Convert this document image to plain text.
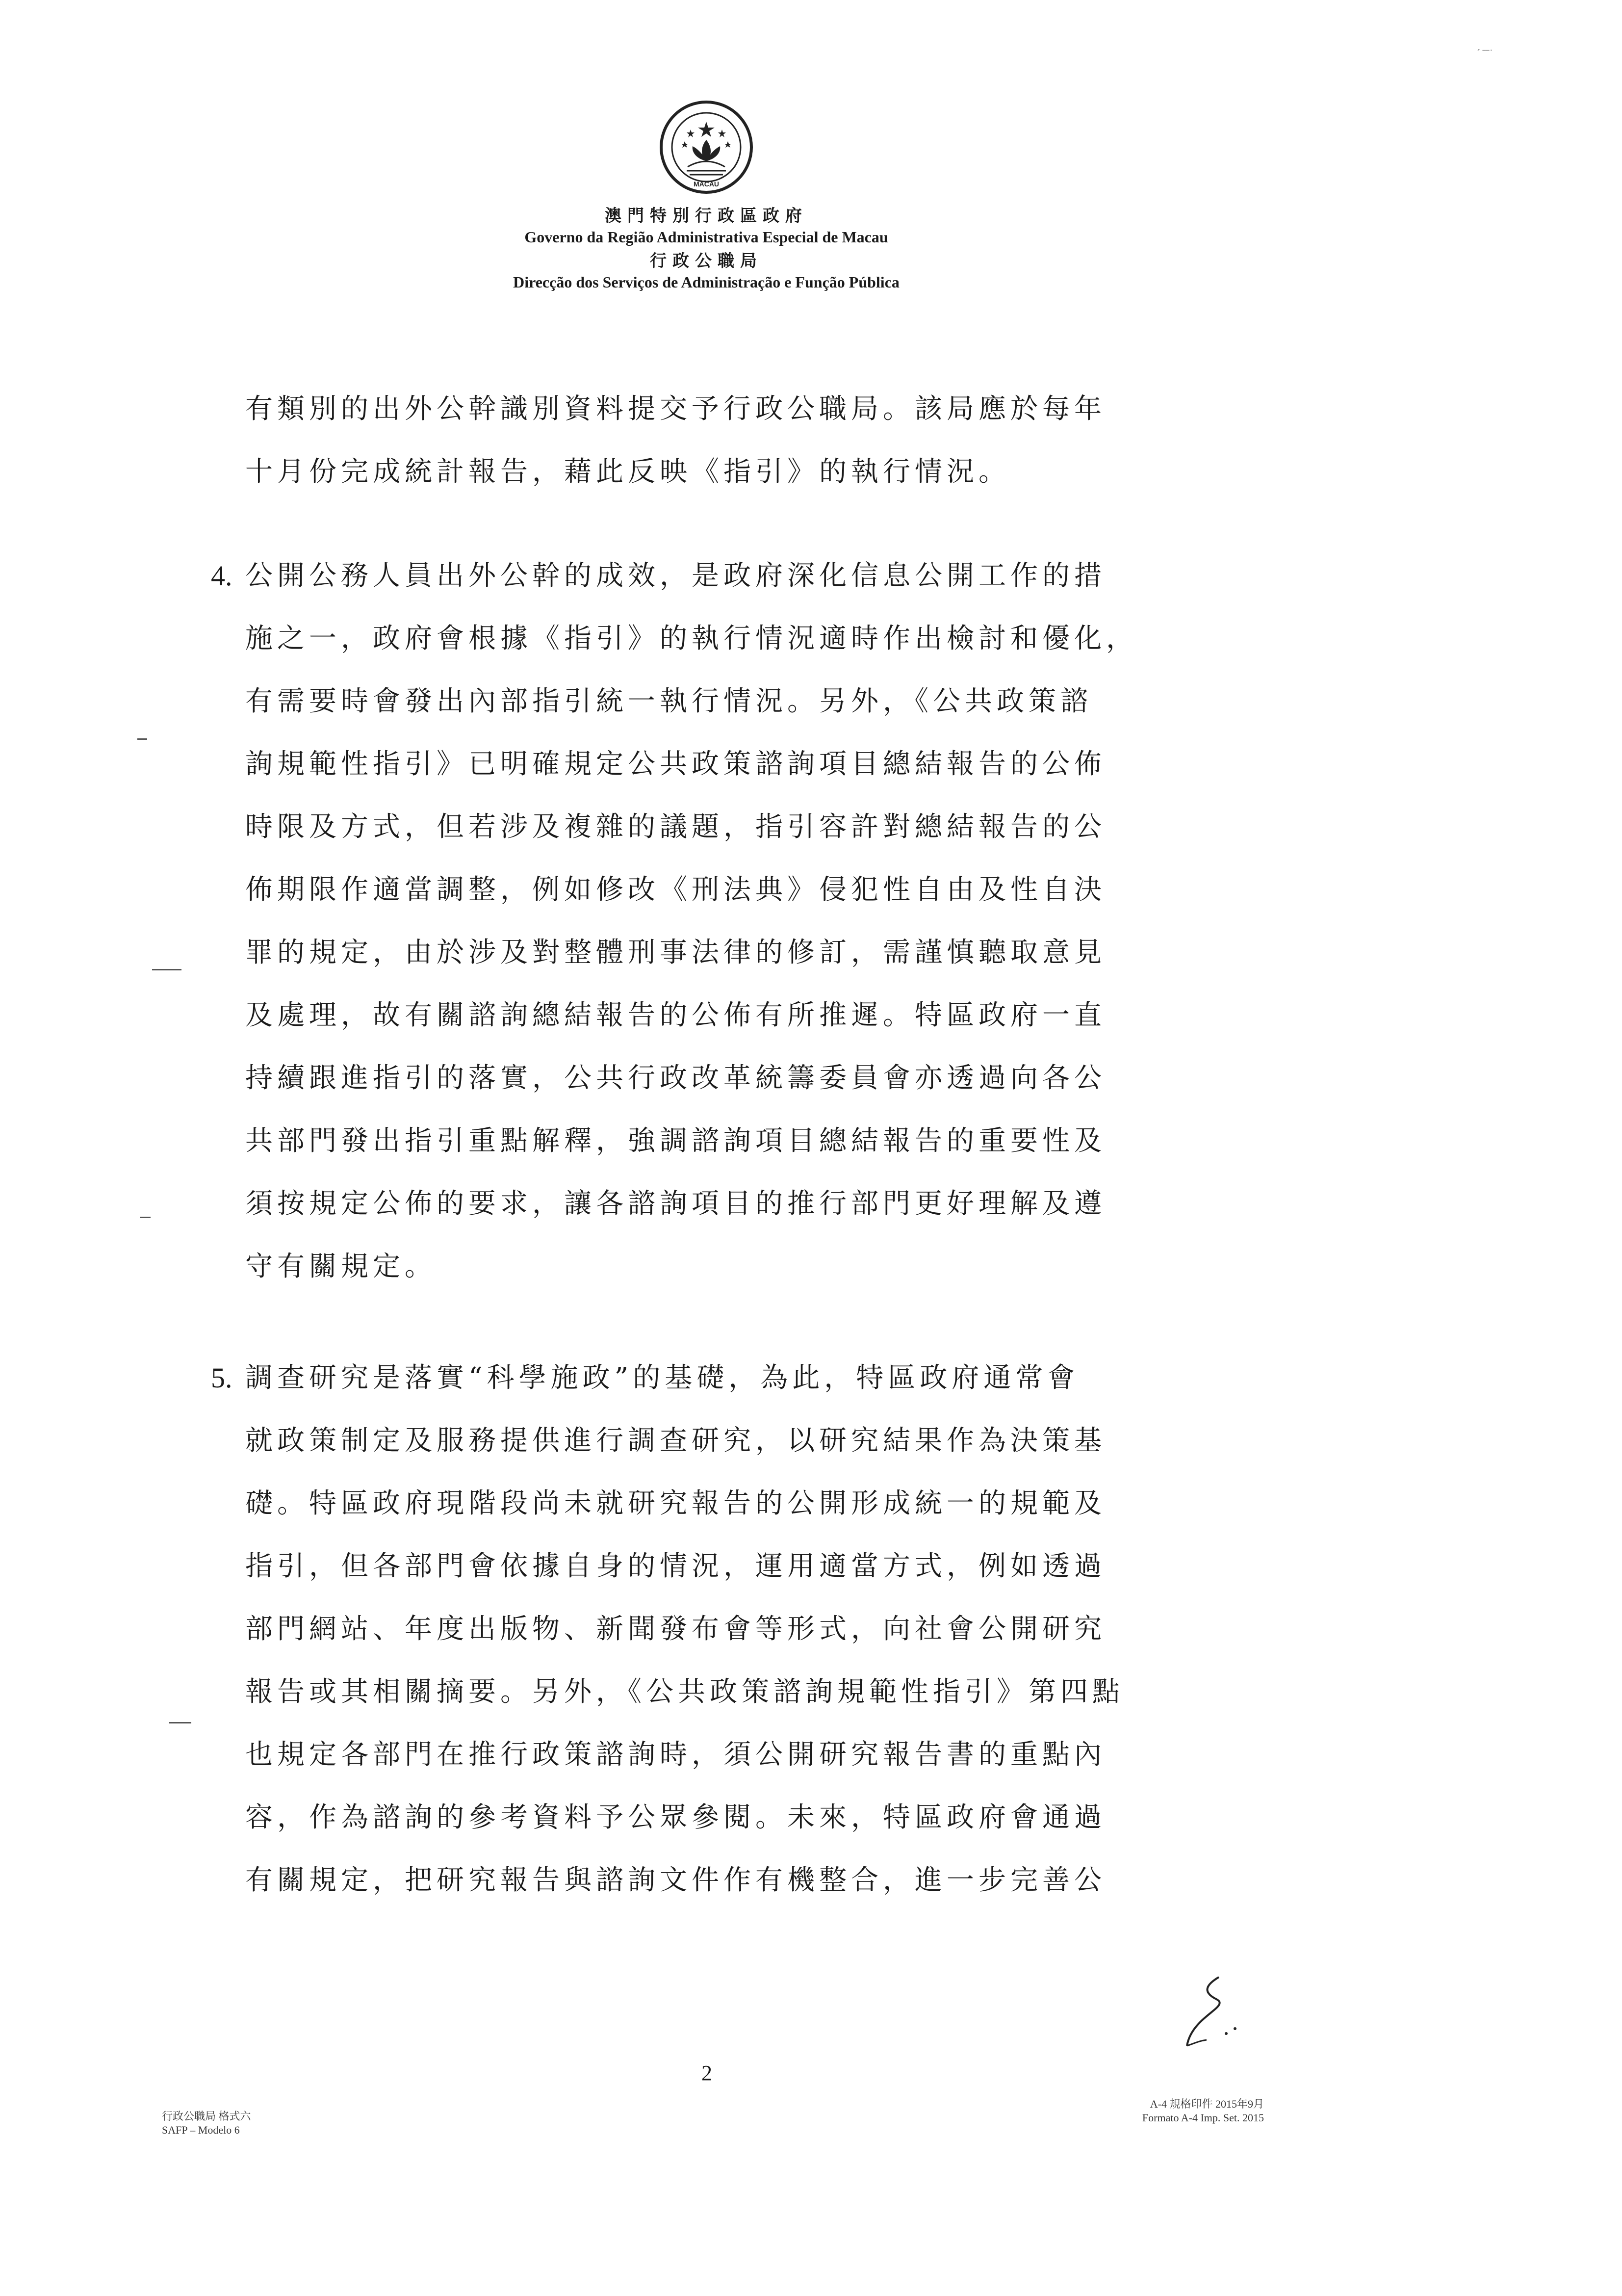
ˊ ̄ ̄ ̇
MACAU
澳門特別行政區政府
Governo da Região Administrativa Especial de Macau
行政公職局
Direcção dos Serviços de Administração e Função Pública
有類別的出外公幹識別資料提交予行政公職局。該局應於每年
十月份完成統計報告，藉此反映《指引》的執行情況。
4. 公開公務人員出外公幹的成效，是政府深化信息公開工作的措
施之一，政府會根據《指引》的執行情況適時作出檢討和優化，
有需要時會發出內部指引統一執行情況。另外，《公共政策諮
詢規範性指引》已明確規定公共政策諮詢項目總結報告的公佈
時限及方式，但若涉及複雜的議題，指引容許對總結報告的公
佈期限作適當調整，例如修改《刑法典》侵犯性自由及性自決
罪的規定，由於涉及對整體刑事法律的修訂，需謹慎聽取意見
及處理，故有關諮詢總結報告的公佈有所推遲。特區政府一直
持續跟進指引的落實，公共行政改革統籌委員會亦透過向各公
共部門發出指引重點解釋，強調諮詢項目總結報告的重要性及
須按規定公佈的要求，讓各諮詢項目的推行部門更好理解及遵
守有關規定。
5. 調查研究是落實“科學施政”的基礎，為此，特區政府通常會
就政策制定及服務提供進行調查研究，以研究結果作為決策基
礎。特區政府現階段尚未就研究報告的公開形成統一的規範及
指引，但各部門會依據自身的情況，運用適當方式，例如透過
部門網站、年度出版物、新聞發布會等形式，向社會公開研究
報告或其相關摘要。另外，《公共政策諮詢規範性指引》第四點
也規定各部門在推行政策諮詢時，須公開研究報告書的重點內
容，作為諮詢的參考資料予公眾參閱。未來，特區政府會通過
有關規定，把研究報告與諮詢文件作有機整合，進一步完善公
2
行政公職局 格式六
SAFP – Modelo 6
A-4 規格印件 2015年9月
Formato A-4 Imp. Set. 2015
